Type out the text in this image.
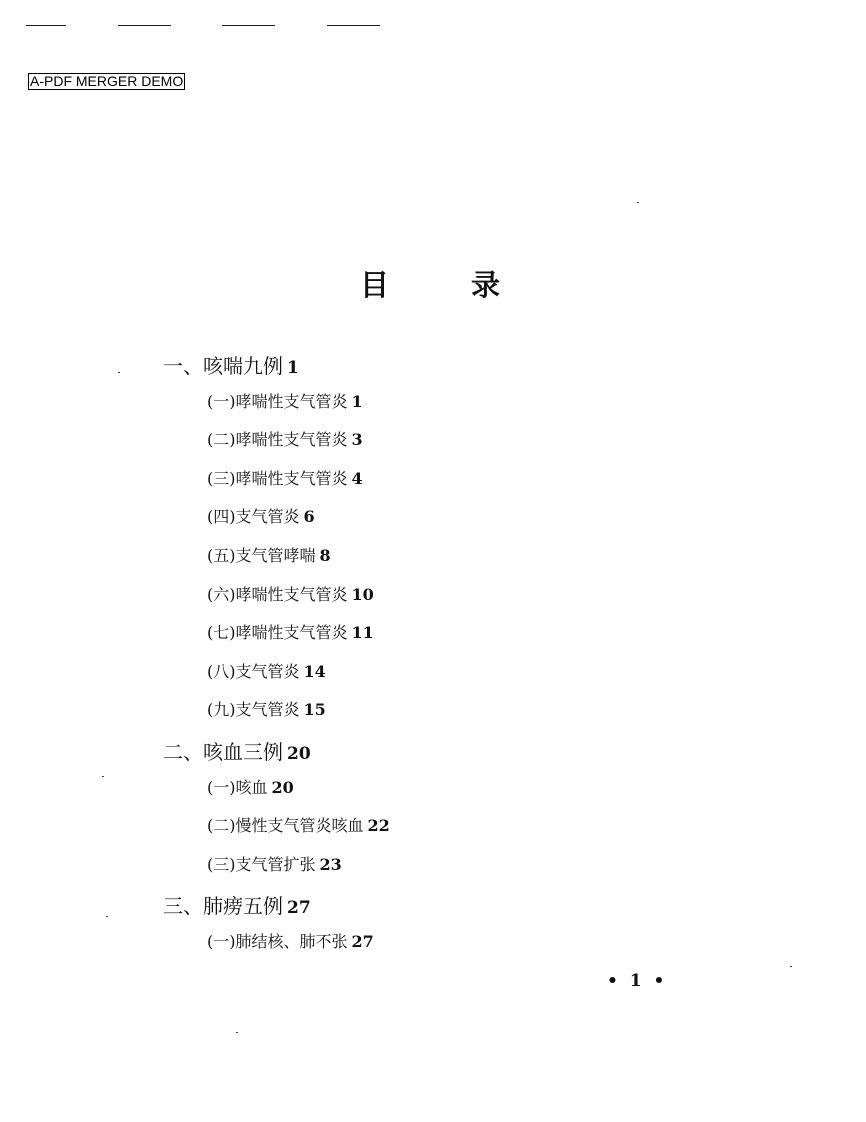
A-PDF MERGER DEMO
目	录
一、咳喘九例 1
(一)哮喘性支气管炎 1
(二)哮喘性支气管炎 3
(三)哮喘性支气管炎 4
(四)支气管炎 6
(五)支气管哮喘 8
(六)哮喘性支气管炎 10
(七)哮喘性支气管炎 11
(八)支气管炎 14
(九)支气管炎 15
二、咳血三例 20
(一)咳血 20
(二)慢性支气管炎咳血 22
(三)支气管扩张 23
三、肺痨五例 27
(一)肺结核、肺不张 27
• 1 •
